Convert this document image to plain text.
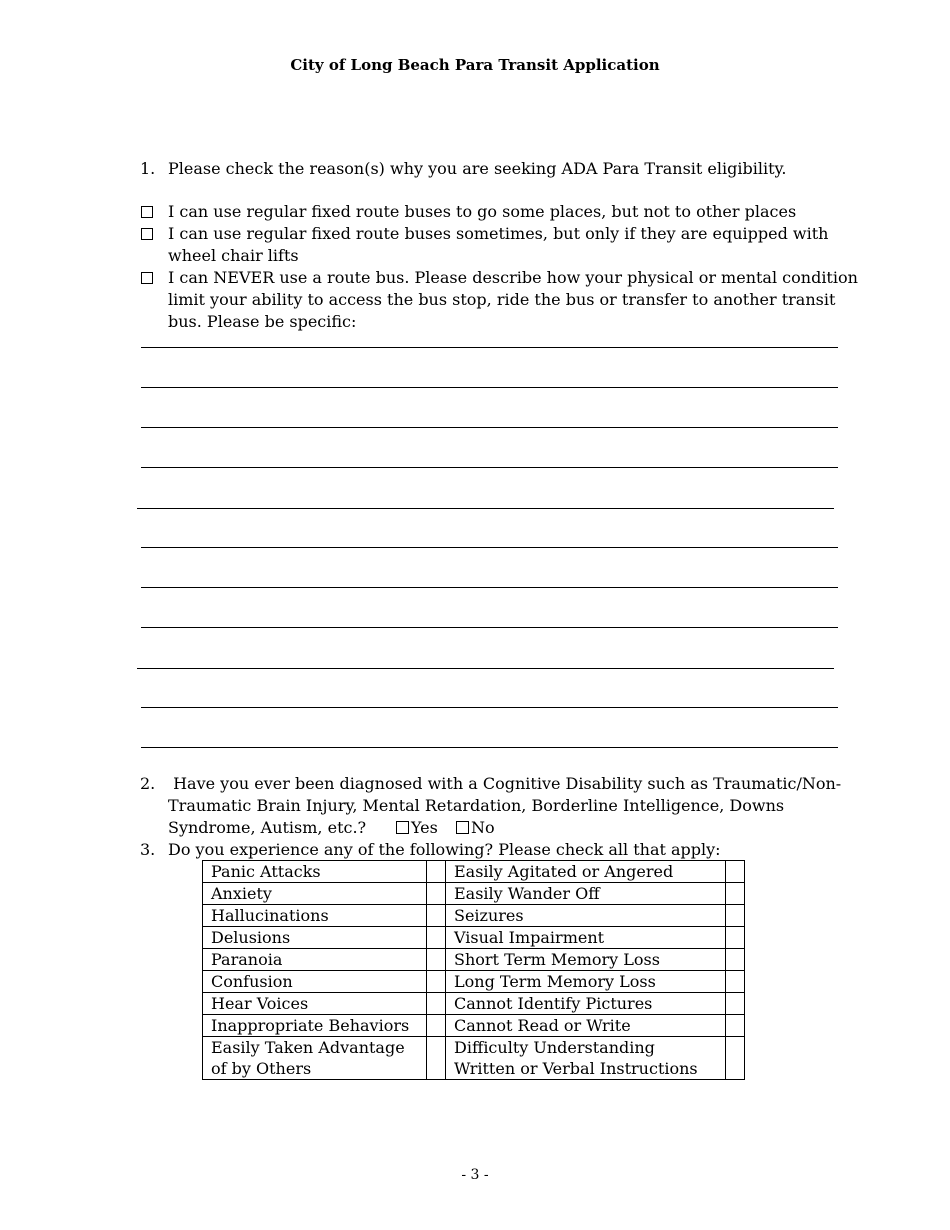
City of Long Beach Para Transit Application
1. Please check the reason(s) why you are seeking ADA Para Transit eligibility.
I can use regular fixed route buses to go some places, but not to other places
I can use regular fixed route buses sometimes, but only if they are equipped with
wheel chair lifts
I can NEVER use a route bus. Please describe how your physical or mental condition
limit your ability to access the bus stop, ride the bus or transfer to another transit
bus. Please be specific:
2. Have you ever been diagnosed with a Cognitive Disability such as Traumatic/Non-
Traumatic Brain Injury, Mental Retardation, Borderline Intelligence, Downs
Syndrome, Autism, etc.?	Yes	No
3. Do you experience any of the following? Please check all that apply:
Panic Attacks		Easily Agitated or Angered	
Anxiety		Easily Wander Off	
Hallucinations		Seizures	
Delusions		Visual Impairment	
Paranoia		Short Term Memory Loss	
Confusion		Long Term Memory Loss	
Hear Voices		Cannot Identify Pictures	
Inappropriate Behaviors		Cannot Read or Write	
Easily Taken Advantage of by Others		Difficulty Understanding Written or Verbal Instructions	
- 3 -
